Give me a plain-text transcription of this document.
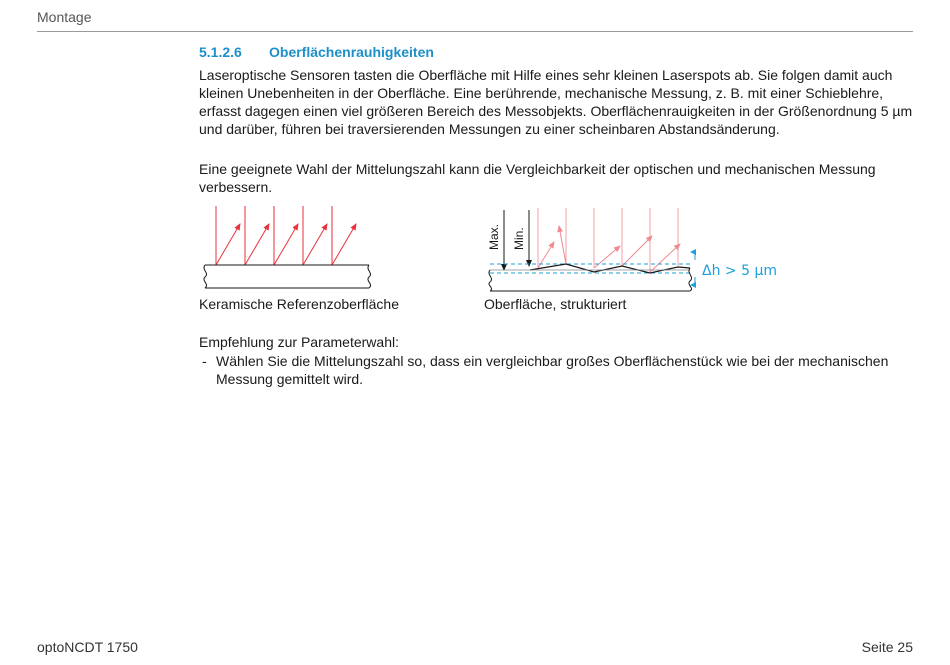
Montage
5.1.2.6 Oberflächenrauhigkeiten

Laseroptische Sensoren tasten die Oberfläche mit Hilfe eines sehr kleinen Laserspots ab. Sie folgen damit auch kleinen Unebenheiten in der Oberfläche. Eine berührende, mechanische Messung, z. B. mit einer Schieblehre, erfasst dagegen einen viel größeren Bereich des Messobjekts. Oberflächenrauigkeiten in der Größenordnung 5 µm und darüber, führen bei traversierenden Messungen zu einer scheinbaren Abstandsänderung.

Eine geeignete Wahl der Mittelungszahl kann die Vergleichbarkeit der optischen und mechanischen Messung verbessern.

Max. Min.
Δh > 5 µm
Keramische Referenzoberfläche	Oberfläche, strukturiert
Empfehlung zur Parameterwahl:
- Wählen Sie die Mittelungszahl so, dass ein vergleichbar großes Oberflächenstück wie bei der mechanischen Messung gemittelt wird.
optoNCDT 1750	Seite 25
